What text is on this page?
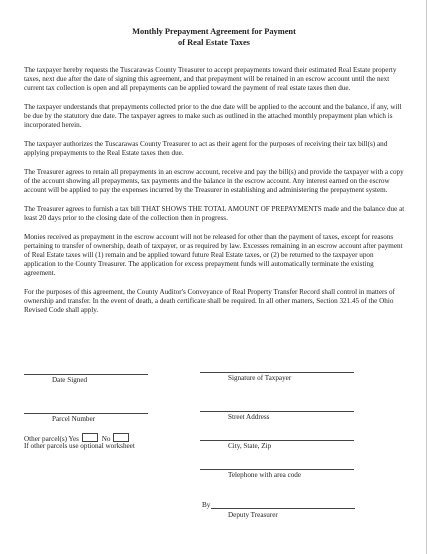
Monthly Prepayment Agreement for Payment
of Real Estate Taxes

The taxpayer hereby requests the Tuscarawas County Treasurer to accept prepayments toward their estimated Real Estate property taxes, next due after the date of signing this agreement, and that prepayment will be retained in an escrow account until the next current tax collection is open and all prepayments can be applied toward the payment of real estate taxes then due.

The taxpayer understands that prepayments collected prior to the due date will be applied to the account and the balance, if any, will be due by the statutory due date. The taxpayer agrees to make such as outlined in the attached monthly prepayment plan which is incorporated herein.

The taxpayer authorizes the Tuscarawas County Treasurer to act as their agent for the purposes of receiving their tax bill(s) and applying prepayments to the Real Estate taxes then due.

The Treasurer agrees to retain all prepayments in an escrow account, receive and pay the bill(s) and provide the taxpayer with a copy of the account showing all prepayments, tax payments and the balance in the escrow account. Any interest earned on the escrow account will be applied to pay the expenses incurred by the Treasurer in establishing and administering the prepayment system.

The Treasurer agrees to furnish a tax bill THAT SHOWS THE TOTAL AMOUNT OF PREPAYMENTS made and the balance due at least 20 days prior to the closing date of the collection then in progress.

Monies received as prepayment in the escrow account will not be released for other than the payment of taxes, except for reasons pertaining to transfer of ownership, death of taxpayer, or as required by law. Excesses remaining in an escrow account after payment of Real Estate taxes will (1) remain and be applied toward future Real Estate taxes, or (2) be returned to the taxpayer upon application to the County Treasurer. The application for excess prepayment funds will automatically terminate the existing agreement.

For the purposes of this agreement, the County Auditor's Conveyance of Real Property Transfer Record shall control in matters of ownership and transfer. In the event of death, a death certificate shall be required. In all other matters, Section 321.45 of the Ohio Revised Code shall apply.

Date Signed	Signature of Taxpayer
Parcel Number	Street Address
Other parcel(s) Yes	No
If other parcels use optional worksheet	City, State, Zip
Telephone with area code
By
Deputy Treasurer
